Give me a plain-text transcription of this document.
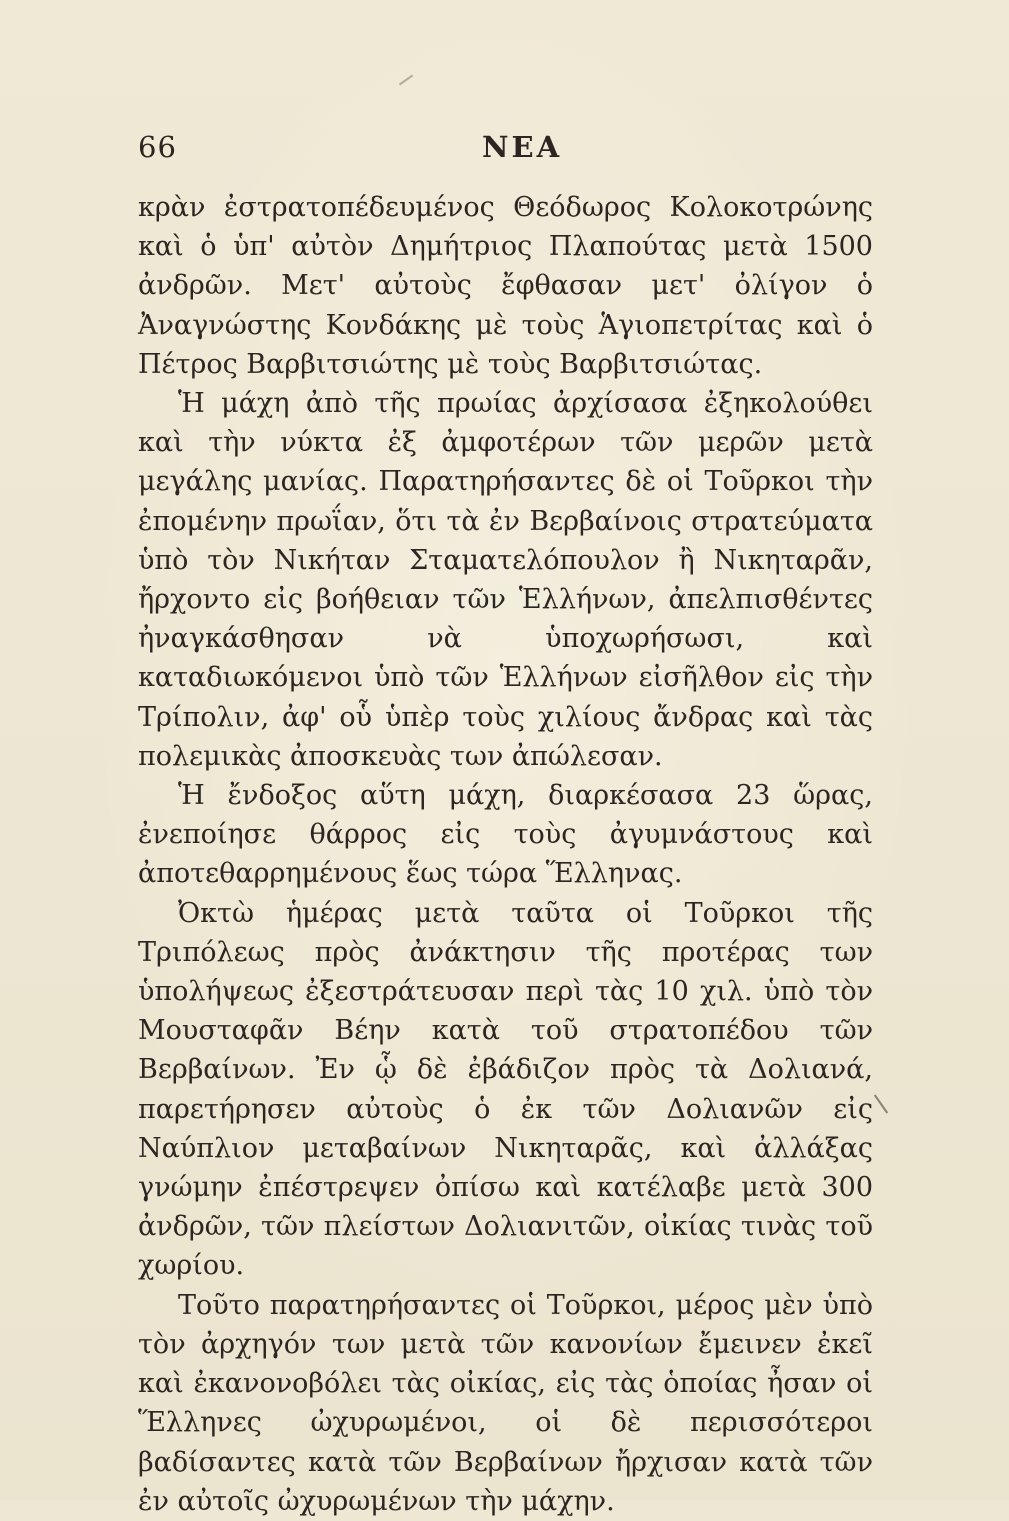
66	ΝΕΑ

κρὰν ἐστρατοπέδευμένος Θεόδωρος Κολοκοτρώνης καὶ ὁ ὑπ' αὐτὸν Δημήτριος Πλαπούτας μετὰ 1500 ἀνδρῶν. Μετ' αὐτοὺς ἔφθασαν μετ' ὀλίγον ὁ Ἀναγνώστης Κονδάκης μὲ τοὺς Ἁγιοπετρίτας καὶ ὁ Πέτρος Βαρβιτσιώτης μὲ τοὺς Βαρβιτσιώτας.

Ἡ μάχη ἀπὸ τῆς πρωίας ἀρχίσασα ἐξηκολούθει καὶ τὴν νύκτα ἐξ ἀμφοτέρων τῶν μερῶν μετὰ μεγάλης μανίας. Παρατηρήσαντες δὲ οἱ Τοῦρκοι τὴν ἐπομένην πρωΐαν, ὅτι τὰ ἐν Βερβαίνοις στρατεύματα ὑπὸ τὸν Νικήταν Σταματελόπουλον ἢ Νικηταρᾶν, ἤρχοντο εἰς βοήθειαν τῶν Ἑλλήνων, ἀπελπισθέντες ἠναγκάσθησαν νὰ ὑποχωρήσωσι, καὶ καταδιωκόμενοι ὑπὸ τῶν Ἑλλήνων εἰσῆλθον εἰς τὴν Τρίπολιν, ἀφ' οὗ ὑπὲρ τοὺς χιλίους ἄνδρας καὶ τὰς πολεμικὰς ἀποσκευὰς των ἀπώλεσαν.

Ἡ ἔνδοξος αὕτη μάχη, διαρκέσασα 23 ὥρας, ἐνεποίησε θάρρος εἰς τοὺς ἀγυμνάστους καὶ ἀποτεθαρρημένους ἕως τώρα Ἕλληνας.

Ὀκτὼ ἡμέρας μετὰ ταῦτα οἱ Τοῦρκοι τῆς Τριπόλεως πρὸς ἀνάκτησιν τῆς προτέρας των ὑπολήψεως ἐξεστράτευσαν περὶ τὰς 10 χιλ. ὑπὸ τὸν Μουσταφᾶν Βέην κατὰ τοῦ στρατοπέδου τῶν Βερβαίνων. Ἐν ᾧ δὲ ἐβάδιζον πρὸς τὰ Δολιανά, παρετήρησεν αὐτοὺς ὁ ἐκ τῶν Δολιανῶν εἰς Ναύπλιον μεταβαίνων Νικηταρᾶς, καὶ ἀλλάξας γνώμην ἐπέστρεψεν ὀπίσω καὶ κατέλαβε μετὰ 300 ἀνδρῶν, τῶν πλείστων Δολιανιτῶν, οἰκίας τινὰς τοῦ χωρίου.

Τοῦτο παρατηρήσαντες οἱ Τοῦρκοι, μέρος μὲν ὑπὸ τὸν ἀρχηγόν των μετὰ τῶν κανονίων ἔμεινεν ἐκεῖ καὶ ἐκανονοβόλει τὰς οἰκίας, εἰς τὰς ὁποίας ἦσαν οἱ Ἕλληνες ὠχυρωμένοι, οἱ δὲ περισσότεροι βαδίσαντες κατὰ τῶν Βερβαίνων ἤρχισαν κατὰ τῶν ἐν αὐτοῖς ὠχυρωμένων τὴν μάχην.
